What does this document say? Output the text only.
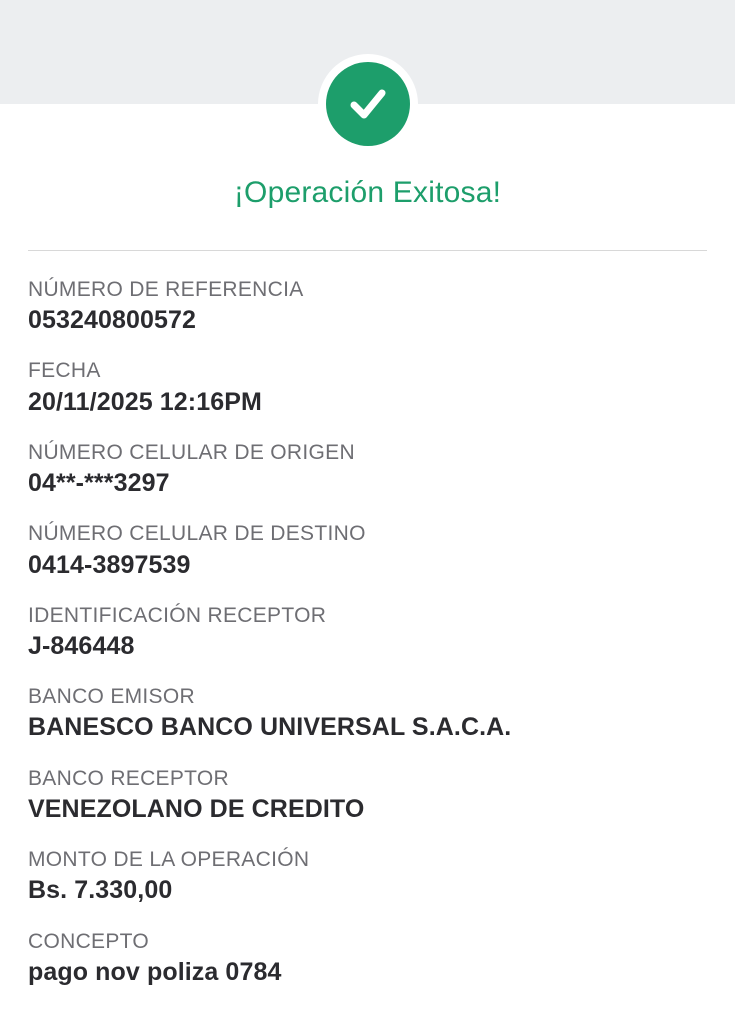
¡Operación Exitosa!
NÚMERO DE REFERENCIA
053240800572
FECHA
20/11/2025 12:16PM
NÚMERO CELULAR DE ORIGEN
04**-***3297
NÚMERO CELULAR DE DESTINO
0414-3897539
IDENTIFICACIÓN RECEPTOR
J-846448
BANCO EMISOR
BANESCO BANCO UNIVERSAL S.A.C.A.
BANCO RECEPTOR
VENEZOLANO DE CREDITO
MONTO DE LA OPERACIÓN
Bs. 7.330,00
CONCEPTO
pago nov poliza 0784
